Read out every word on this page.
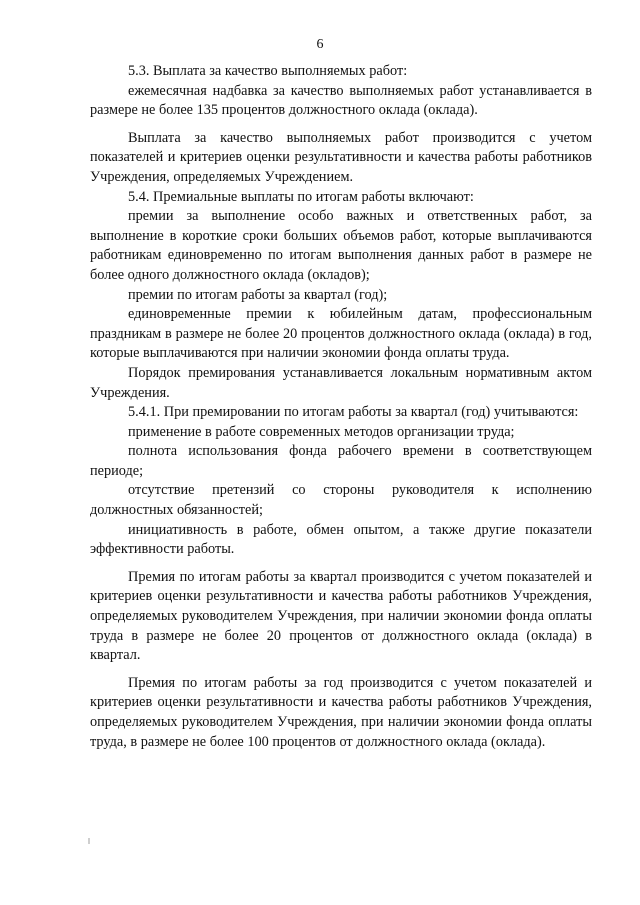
6

5.3. Выплата за качество выполняемых работ:

ежемесячная надбавка за качество выполняемых работ устанавливается в размере не более 135 процентов должностного оклада (оклада).

Выплата за качество выполняемых работ производится с учетом показателей и критериев оценки результативности и качества работы работников Учреждения, определяемых Учреждением.

5.4. Премиальные выплаты по итогам работы включают:

премии за выполнение особо важных и ответственных работ, за выполнение в короткие сроки больших объемов работ, которые выплачиваются работникам единовременно по итогам выполнения данных работ в размере не более одного должностного оклада (окладов);

премии по итогам работы за квартал (год);

единовременные премии к юбилейным датам, профессиональным праздникам в размере не более 20 процентов должностного оклада (оклада) в год, которые выплачиваются при наличии экономии фонда оплаты труда.

Порядок премирования устанавливается локальным нормативным актом Учреждения.

5.4.1. При премировании по итогам работы за квартал (год) учитываются:

применение в работе современных методов организации труда;

полнота использования фонда рабочего времени в соответствующем периоде;

отсутствие претензий со стороны руководителя к исполнению должностных обязанностей;

инициативность в работе, обмен опытом, а также другие показатели эффективности работы.

Премия по итогам работы за квартал производится с учетом показателей и критериев оценки результативности и качества работы работников Учреждения, определяемых руководителем Учреждения, при наличии экономии фонда оплаты труда в размере не более 20 процентов от должностного оклада (оклада) в квартал.

Премия по итогам работы за год производится с учетом показателей и критериев оценки результативности и качества работы работников Учреждения, определяемых руководителем Учреждения, при наличии экономии фонда оплаты труда, в размере не более 100 процентов от должностного оклада (оклада).
